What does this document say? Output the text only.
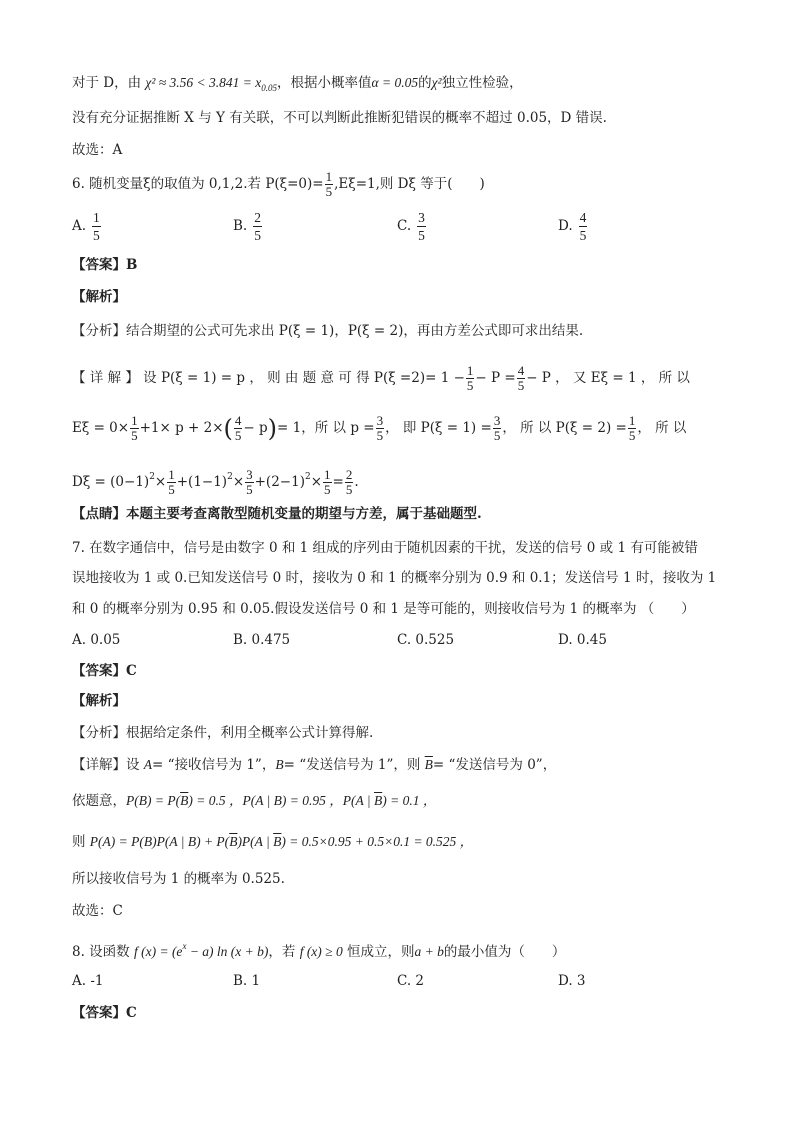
对于 D，由 $\chi^2 \approx 3.56 < 3.841 = x_{0.05}$，根据小概率值α = 0.05的χ²独立性检验，
没有充分证据推断 X 与 Y 有关联，不可以判断此推断犯错误的概率不超过 0.05，D 错误.
故选：A
6. 随机变量ξ的取值为 0,1,2.若 $P(\xi=0)= \frac{1}{5} ,E\xi=1$,则 Dξ 等于(　　)
A. $\frac{1}{5}$	B. $\frac{2}{5}$	C. $\frac{3}{5}$	D. $\frac{4}{5}$
【答案】B
【解析】
【分析】结合期望的公式可先求出 P(ξ = 1)，P(ξ = 2)，再由方差公式即可求出结果.
【 详 解 】 设 P(ξ = 1) = p ， 则 由 题 意 可 得 $P(\xi =2)= 1 - \frac{1}{5} - P = \frac{4}{5} - P$ ， 又 Eξ = 1 ， 所 以
$E\xi = 0\times \frac{1}{5} +1\times p + 2\times( \frac{4}{5} - p)= 1$，所 以 $p = \frac{3}{5}$ ， 即 $P(\xi = 1) = \frac{3}{5}$ ， 所 以 $P(\xi = 2) = \frac{1}{5}$ ， 所 以
$D\xi = (0-1)^2\times \frac{1}{5} +(1-1)^2\times \frac{3}{5} +(2-1)^2\times \frac{1}{5} = \frac{2}{5}$ .
【点睛】本题主要考查离散型随机变量的期望与方差，属于基础题型.
7. 在数字通信中，信号是由数字 0 和 1 组成的序列由于随机因素的干扰，发送的信号 0 或 1 有可能被错
误地接收为 1 或 0.已知发送信号 0 时，接收为 0 和 1 的概率分别为 0.9 和 0.1；发送信号 1 时，接收为 1
和 0 的概率分别为 0.95 和 0.05.假设发送信号 0 和 1 是等可能的，则接收信号为 1 的概率为 （　　）
A. 0.05	B. 0.475	C. 0.525	D. 0.45
【答案】C
【解析】
【分析】根据给定条件，利用全概率公式计算得解.
【详解】设 A= “接收信号为 1”，B= “发送信号为 1”，则 $\overline{B}=$ “发送信号为 0”，
依题意，$P(B) = P(\overline{B}) = 0.5$ ，P(A | B) = 0.95 ，P(A | $\overline{B}) = 0.1$ ，
则 P(A) = P(B)P(A | $B) + P(\overline{B})P(A$ | $\overline{B}) = 0.5\times 0.95 + 0.5\times 0.1 = 0.525$ ，
所以接收信号为 1 的概率为 0.525.
故选：C
8. 设函数 f $(x) = (e^x - a)$ ln (x + b)，若 f (x) ≥ 0 恒成立，则a + b的最小值为（　　）
A. -1	B. 1	C. 2	D. 3
【答案】C
